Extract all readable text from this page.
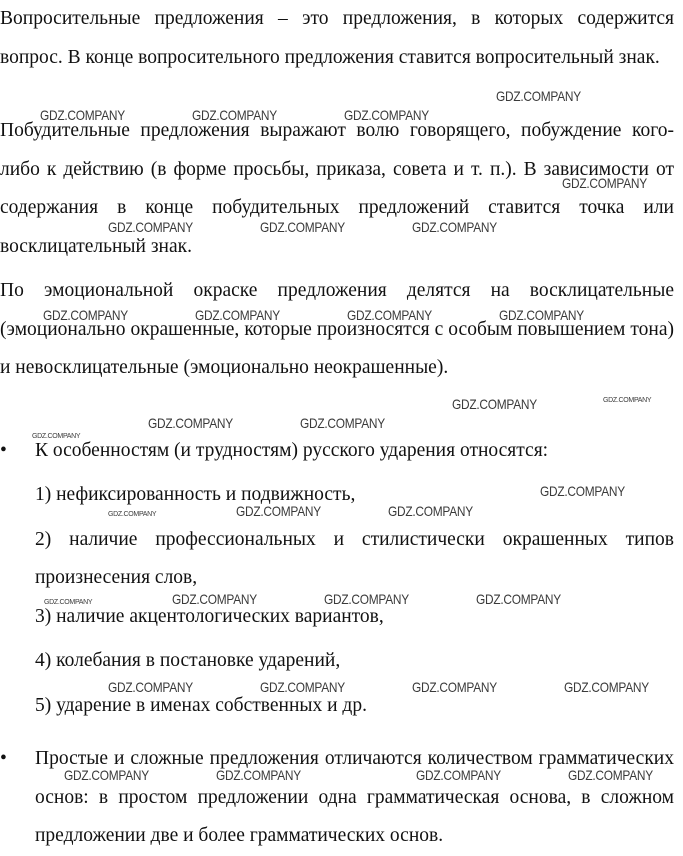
Вопросительные предложения – это предложения, в которых содержится вопрос. В конце вопросительного предложения ставится вопросительный знак.
Побудительные предложения выражают волю говорящего, побуждение кого-либо к действию (в форме просьбы, приказа, совета и т. п.). В зависимости от содержания в конце побудительных предложений ставится точка или восклицательный знак.
По эмоциональной окраске предложения делятся на восклицательные (эмоционально окрашенные, которые произносятся с особым повышением тона) и невосклицательные (эмоционально неокрашенные).
•	К особенностям (и трудностям) русского ударения относятся:
1) нефиксированность и подвижность,
2) наличие профессиональных и стилистически окрашенных типов произнесения слов,
3) наличие акцентологических вариантов,
4) колебания в постановке ударений,
5) ударение в именах собственных и др.
•	Простые и сложные предложения отличаются количеством грамматических основ: в простом предложении одна грамматическая основа, в сложном предложении две и более грамматических основ.
GDZ.COMPANY
GDZ.COMPANY	GDZ.COMPANY	GDZ.COMPANY
GDZ.COMPANY
GDZ.COMPANY	GDZ.COMPANY	GDZ.COMPANY
GDZ.COMPANY	GDZ.COMPANY	GDZ.COMPANY	GDZ.COMPANY
GDZ.COMPANY	GDZ.COMPANY
GDZ.COMPANY	GDZ.COMPANY
GDZ.COMPANY
GDZ.COMPANY
GDZ.COMPANY	GDZ.COMPANY	GDZ.COMPANY
GDZ.COMPANY	GDZ.COMPANY	GDZ.COMPANY	GDZ.COMPANY
GDZ.COMPANY	GDZ.COMPANY	GDZ.COMPANY	GDZ.COMPANY
GDZ.COMPANY	GDZ.COMPANY	GDZ.COMPANY	GDZ.COMPANY
